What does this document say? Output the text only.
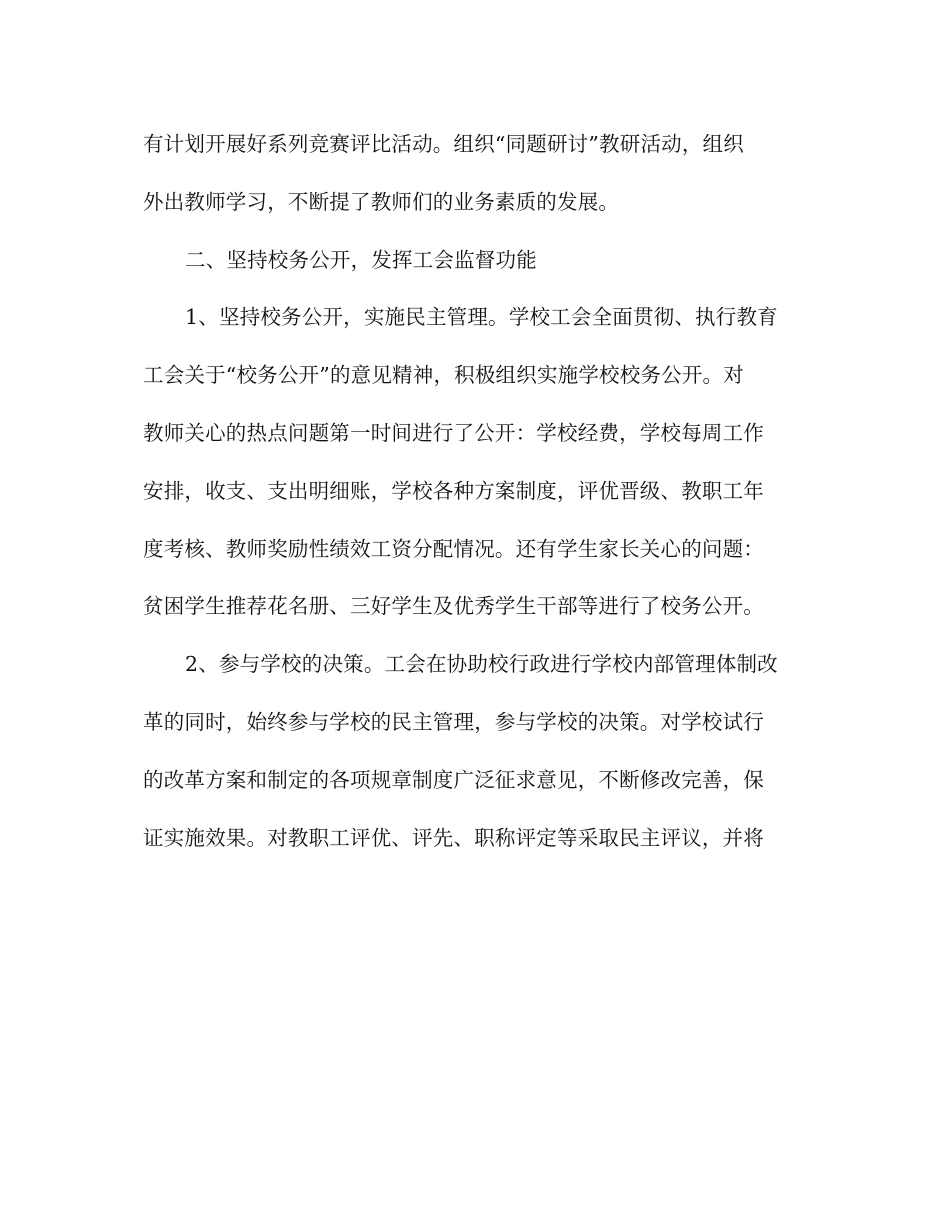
有计划开展好系列竞赛评比活动。组织“同题研讨”教研活动，组织
外出教师学习，不断提了教师们的业务素质的发展。
二、坚持校务公开，发挥工会监督功能
1、坚持校务公开，实施民主管理。学校工会全面贯彻、执行教育
工会关于“校务公开”的意见精神，积极组织实施学校校务公开。对
教师关心的热点问题第一时间进行了公开：学校经费，学校每周工作
安排，收支、支出明细账，学校各种方案制度，评优晋级、教职工年
度考核、教师奖励性绩效工资分配情况。还有学生家长关心的问题：
贫困学生推荐花名册、三好学生及优秀学生干部等进行了校务公开。
2、参与学校的决策。工会在协助校行政进行学校内部管理体制改
革的同时，始终参与学校的民主管理，参与学校的决策。对学校试行
的改革方案和制定的各项规章制度广泛征求意见，不断修改完善，保
证实施效果。对教职工评优、评先、职称评定等采取民主评议，并将
